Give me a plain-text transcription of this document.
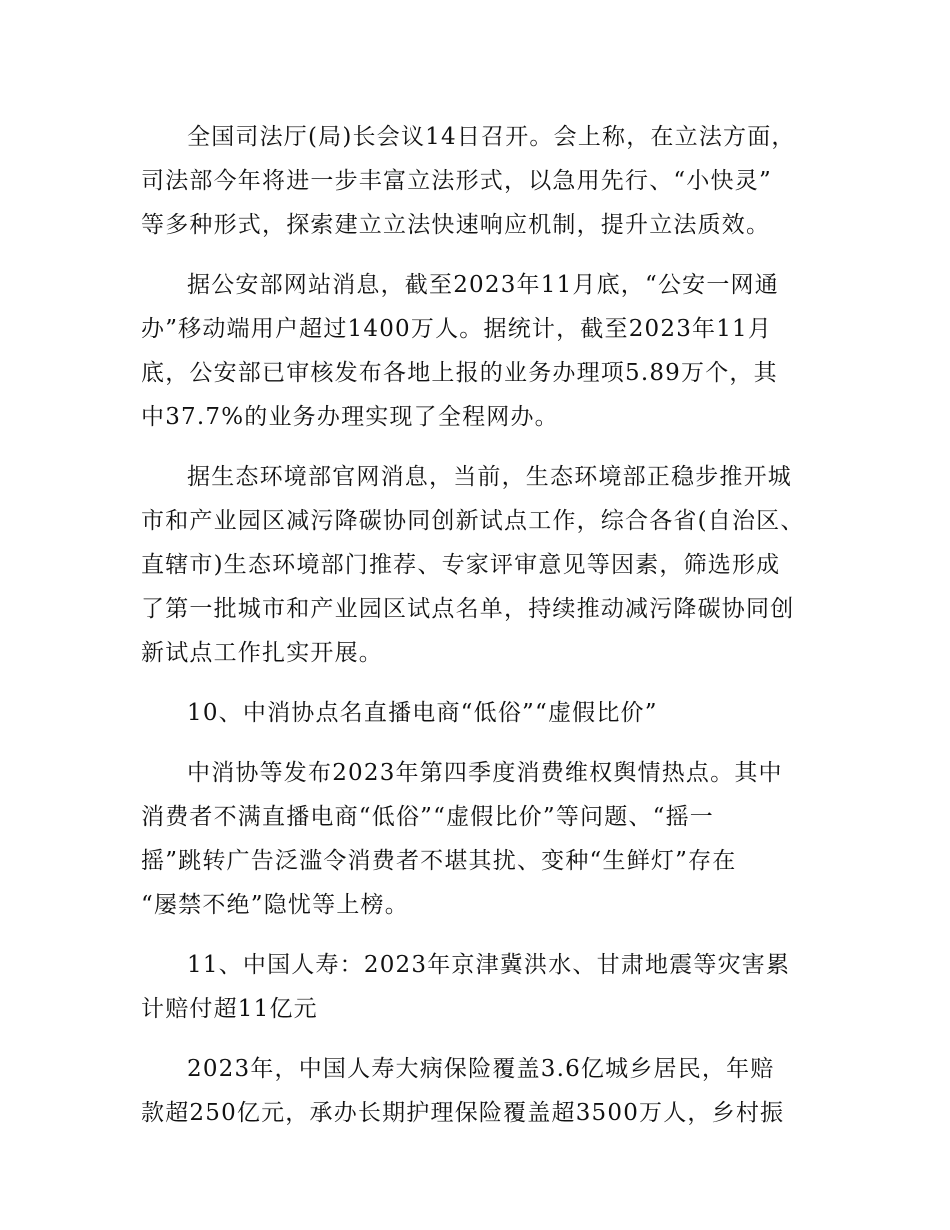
全国司法厅(局)长会议14日召开。会上称，在立法方面，
司法部今年将进一步丰富立法形式，以急用先行、“小快灵”
等多种形式，探索建立立法快速响应机制，提升立法质效。

据公安部网站消息，截至2023年11月底，“公安一网通
办”移动端用户超过1400万人。据统计，截至2023年11月
底，公安部已审核发布各地上报的业务办理项5.89万个，其
中37.7%的业务办理实现了全程网办。

据生态环境部官网消息，当前，生态环境部正稳步推开城
市和产业园区减污降碳协同创新试点工作，综合各省(自治区、
直辖市)生态环境部门推荐、专家评审意见等因素，筛选形成
了第一批城市和产业园区试点名单，持续推动减污降碳协同创
新试点工作扎实开展。

10、中消协点名直播电商“低俗”“虚假比价”

中消协等发布2023年第四季度消费维权舆情热点。其中
消费者不满直播电商“低俗”“虚假比价”等问题、“摇一
摇”跳转广告泛滥令消费者不堪其扰、变种“生鲜灯”存在
“屡禁不绝”隐忧等上榜。

11、中国人寿：2023年京津冀洪水、甘肃地震等灾害累
计赔付超11亿元

2023年，中国人寿大病保险覆盖3.6亿城乡居民，年赔
款超250亿元，承办长期护理保险覆盖超3500万人，乡村振
